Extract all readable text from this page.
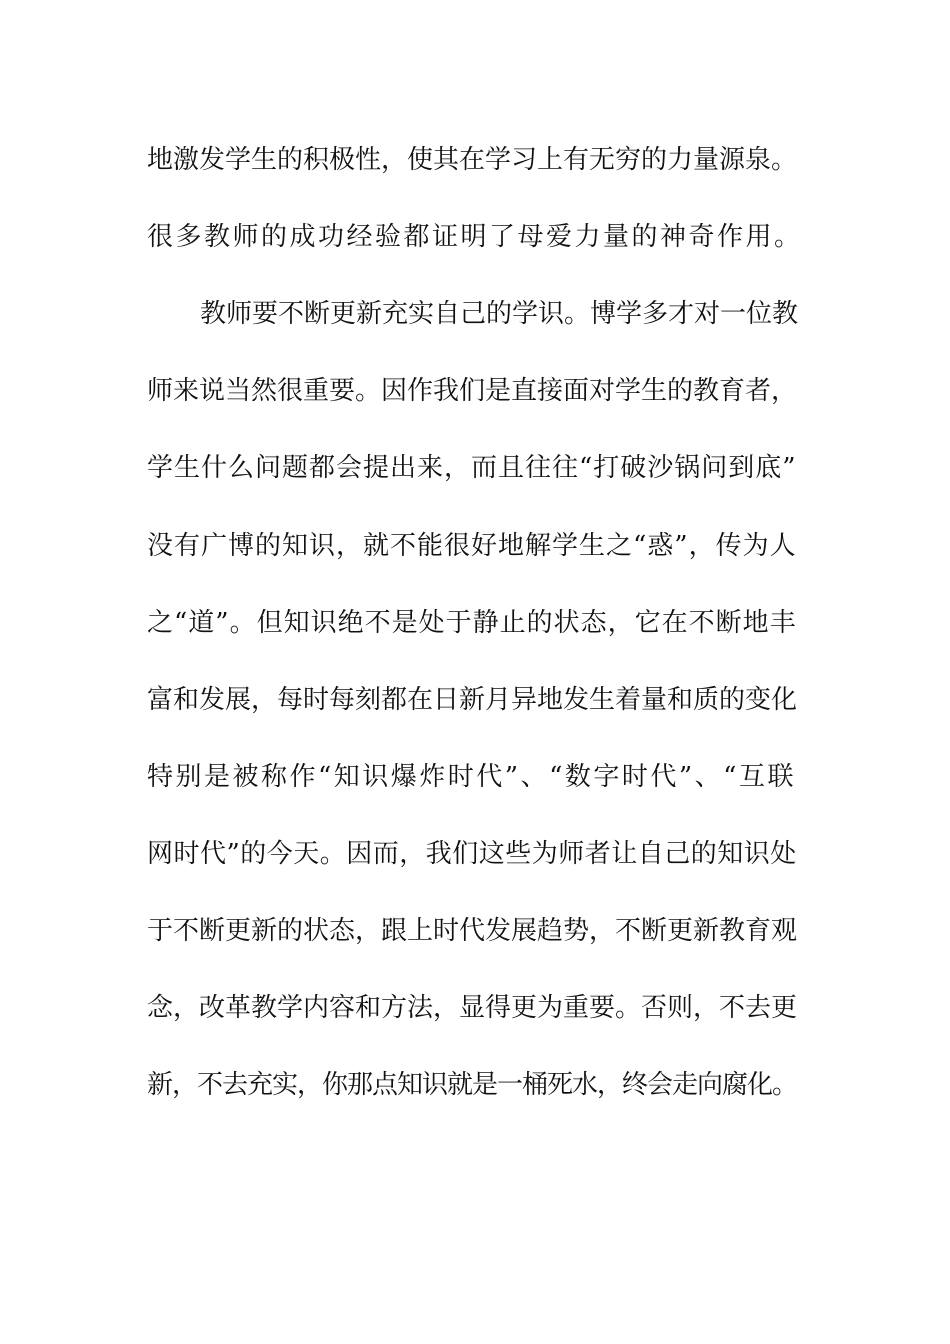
地激发学生的积极性，使其在学习上有无穷的力量源泉。
很多教师的成功经验都证明了母爱力量的神奇作用。
教师要不断更新充实自己的学识。博学多才对一位教
师来说当然很重要。因作我们是直接面对学生的教育者，
学生什么问题都会提出来，而且往往“打破沙锅问到底”
没有广博的知识，就不能很好地解学生之“惑”，传为人
之“道”。但知识绝不是处于静止的状态，它在不断地丰
富和发展，每时每刻都在日新月异地发生着量和质的变化
特别是被称作“知识爆炸时代”、“数字时代”、“互联
网时代”的今天。因而，我们这些为师者让自己的知识处
于不断更新的状态，跟上时代发展趋势，不断更新教育观
念，改革教学内容和方法，显得更为重要。否则，不去更
新，不去充实，你那点知识就是一桶死水，终会走向腐化。
